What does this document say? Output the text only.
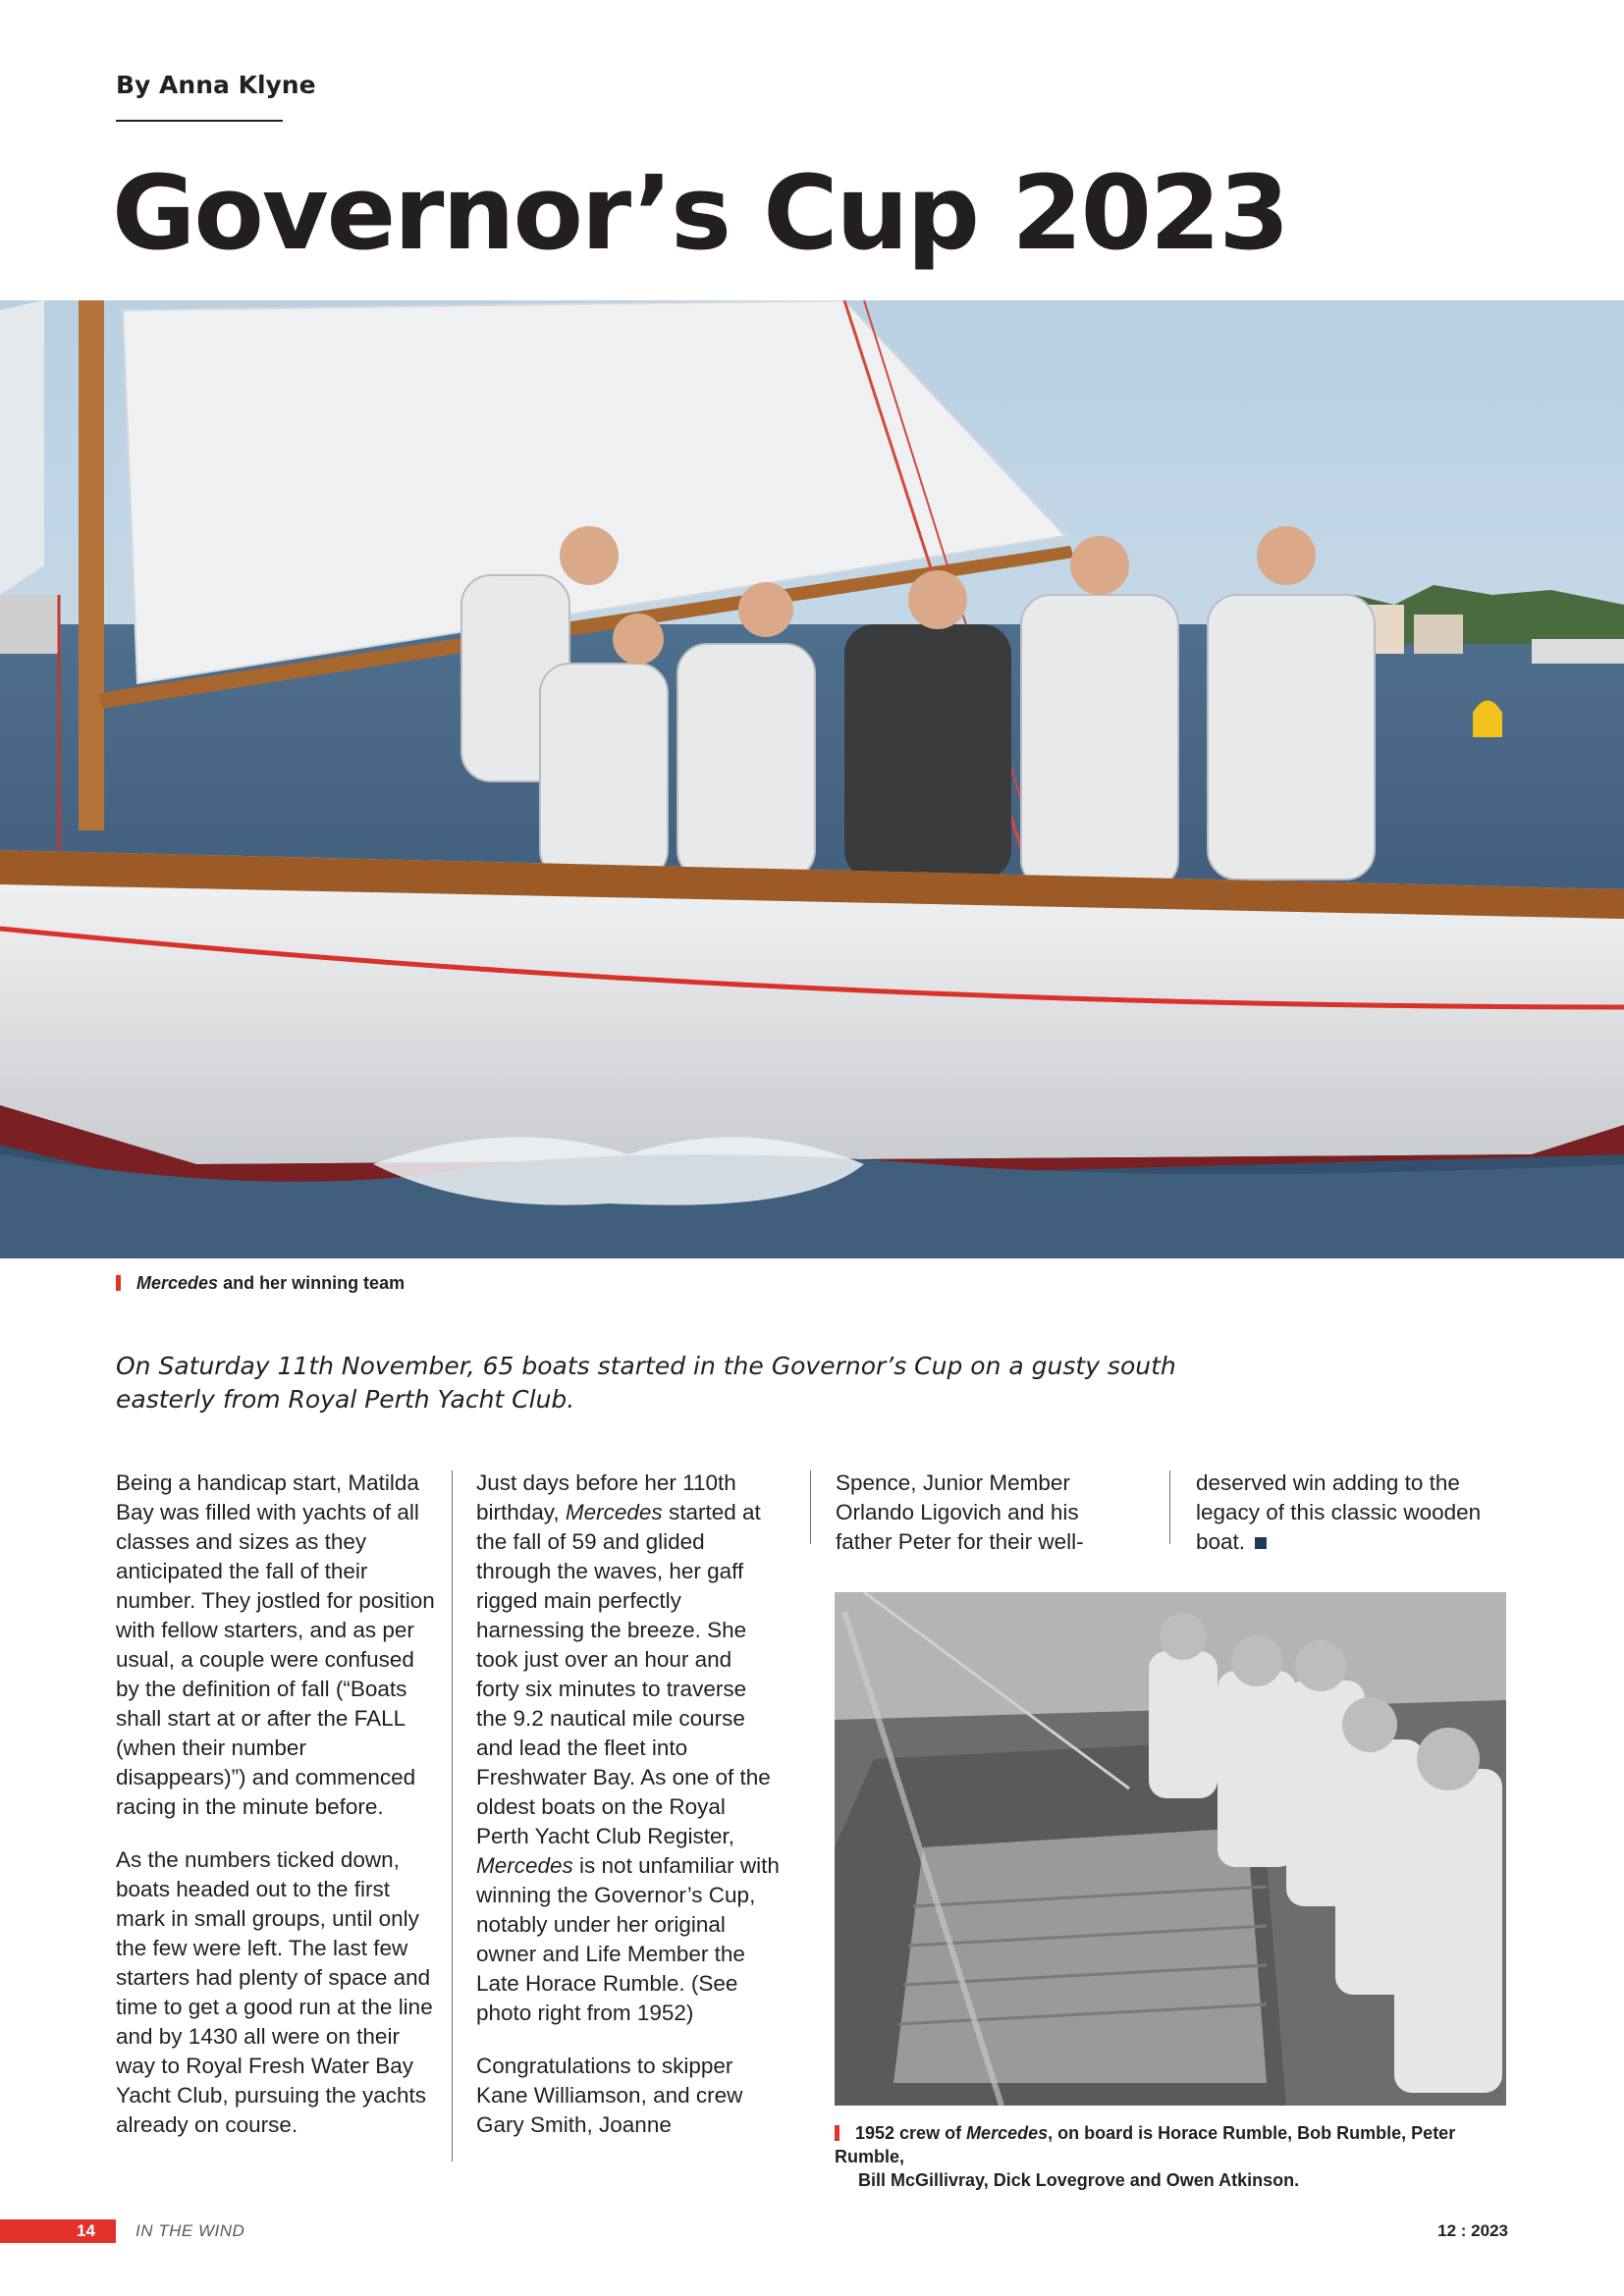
By Anna Klyne
Governor’s Cup 2023
Mercedes and her winning team

On Saturday 11th November, 65 boats started in the Governor’s Cup on a gusty south easterly from Royal Perth Yacht Club.

Being a handicap start, Matilda Bay was filled with yachts of all classes and sizes as they anticipated the fall of their number. They jostled for position with fellow starters, and as per usual, a couple were confused by the definition of fall (“Boats shall start at or after the FALL (when their number disappears)”) and commenced racing in the minute before.

As the numbers ticked down, boats headed out to the first mark in small groups, until only the few were left. The last few starters had plenty of space and time to get a good run at the line and by 1430 all were on their way to Royal Fresh Water Bay Yacht Club, pursuing the yachts already on course.

Just days before her 110th birthday, Mercedes started at the fall of 59 and glided through the waves, her gaff rigged main perfectly harnessing the breeze. She took just over an hour and forty six minutes to traverse the 9.2 nautical mile course and lead the fleet into Freshwater Bay. As one of the oldest boats on the Royal Perth Yacht Club Register, Mercedes is not unfamiliar with winning the Governor’s Cup, notably under her original owner and Life Member the Late Horace Rumble. (See photo right from 1952)

Congratulations to skipper Kane Williamson, and crew Gary Smith, Joanne

Spence, Junior Member Orlando Ligovich and his father Peter for their well-

deserved win adding to the legacy of this classic wooden boat.

1952 crew of Mercedes, on board is Horace Rumble, Bob Rumble, Peter Rumble,
Bill McGillivray, Dick Lovegrove and Owen Atkinson.
14 IN THE WIND	12 : 2023
